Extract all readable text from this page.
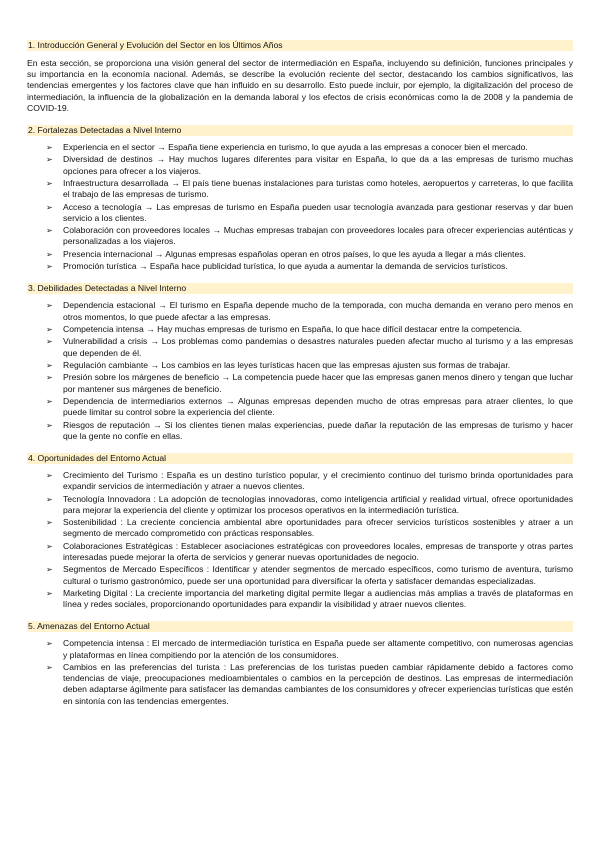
1. Introducción General y Evolución del Sector en los Últimos Años

En esta sección, se proporciona una visión general del sector de intermediación en España, incluyendo su definición, funciones principales y su importancia en la economía nacional. Además, se describe la evolución reciente del sector, destacando los cambios significativos, las tendencias emergentes y los factores clave que han influido en su desarrollo. Esto puede incluir, por ejemplo, la digitalización del proceso de intermediación, la influencia de la globalización en la demanda laboral y los efectos de crisis económicas como la de 2008 y la pandemia de COVID-19.

2. Fortalezas Detectadas a Nivel Interno
➢ Experiencia en el sector → España tiene experiencia en turismo, lo que ayuda a las empresas a conocer bien el mercado.
➢ Diversidad de destinos → Hay muchos lugares diferentes para visitar en España, lo que da a las empresas de turismo muchas opciones para ofrecer a los viajeros.
➢ Infraestructura desarrollada → El país tiene buenas instalaciones para turistas como hoteles, aeropuertos y carreteras, lo que facilita el trabajo de las empresas de turismo.
➢ Acceso a tecnología → Las empresas de turismo en España pueden usar tecnología avanzada para gestionar reservas y dar buen servicio a los clientes.
➢ Colaboración con proveedores locales → Muchas empresas trabajan con proveedores locales para ofrecer experiencias auténticas y personalizadas a los viajeros.
➢ Presencia internacional → Algunas empresas españolas operan en otros países, lo que les ayuda a llegar a más clientes.
➢ Promoción turística → España hace publicidad turística, lo que ayuda a aumentar la demanda de servicios turísticos.
3. Debilidades Detectadas a Nivel Interno
➢ Dependencia estacional → El turismo en España depende mucho de la temporada, con mucha demanda en verano pero menos en otros momentos, lo que puede afectar a las empresas.
➢ Competencia intensa → Hay muchas empresas de turismo en España, lo que hace difícil destacar entre la competencia.
➢ Vulnerabilidad a crisis → Los problemas como pandemias o desastres naturales pueden afectar mucho al turismo y a las empresas que dependen de él.
➢ Regulación cambiante → Los cambios en las leyes turísticas hacen que las empresas ajusten sus formas de trabajar.
➢ Presión sobre los márgenes de beneficio → La competencia puede hacer que las empresas ganen menos dinero y tengan que luchar por mantener sus márgenes de beneficio.
➢ Dependencia de intermediarios externos → Algunas empresas dependen mucho de otras empresas para atraer clientes, lo que puede limitar su control sobre la experiencia del cliente.
➢ Riesgos de reputación → Si los clientes tienen malas experiencias, puede dañar la reputación de las empresas de turismo y hacer que la gente no confíe en ellas.
4. Oportunidades del Entorno Actual
➢ Crecimiento del Turismo : España es un destino turístico popular, y el crecimiento continuo del turismo brinda oportunidades para expandir servicios de intermediación y atraer a nuevos clientes.
➢ Tecnología Innovadora : La adopción de tecnologías innovadoras, como inteligencia artificial y realidad virtual, ofrece oportunidades para mejorar la experiencia del cliente y optimizar los procesos operativos en la intermediación turística.
➢ Sostenibilidad : La creciente conciencia ambiental abre oportunidades para ofrecer servicios turísticos sostenibles y atraer a un segmento de mercado comprometido con prácticas responsables.
➢ Colaboraciones Estratégicas : Establecer asociaciones estratégicas con proveedores locales, empresas de transporte y otras partes interesadas puede mejorar la oferta de servicios y generar nuevas oportunidades de negocio.
➢ Segmentos de Mercado Específicos : Identificar y atender segmentos de mercado específicos, como turismo de aventura, turismo cultural o turismo gastronómico, puede ser una oportunidad para diversificar la oferta y satisfacer demandas especializadas.
➢ Marketing Digital : La creciente importancia del marketing digital permite llegar a audiencias más amplias a través de plataformas en línea y redes sociales, proporcionando oportunidades para expandir la visibilidad y atraer nuevos clientes.
5. Amenazas del Entorno Actual
➢ Competencia intensa : El mercado de intermediación turística en España puede ser altamente competitivo, con numerosas agencias y plataformas en línea compitiendo por la atención de los consumidores.
➢ Cambios en las preferencias del turista : Las preferencias de los turistas pueden cambiar rápidamente debido a factores como tendencias de viaje, preocupaciones medioambientales o cambios en la percepción de destinos. Las empresas de intermediación deben adaptarse ágilmente para satisfacer las demandas cambiantes de los consumidores y ofrecer experiencias turísticas que estén en sintonía con las tendencias emergentes.
